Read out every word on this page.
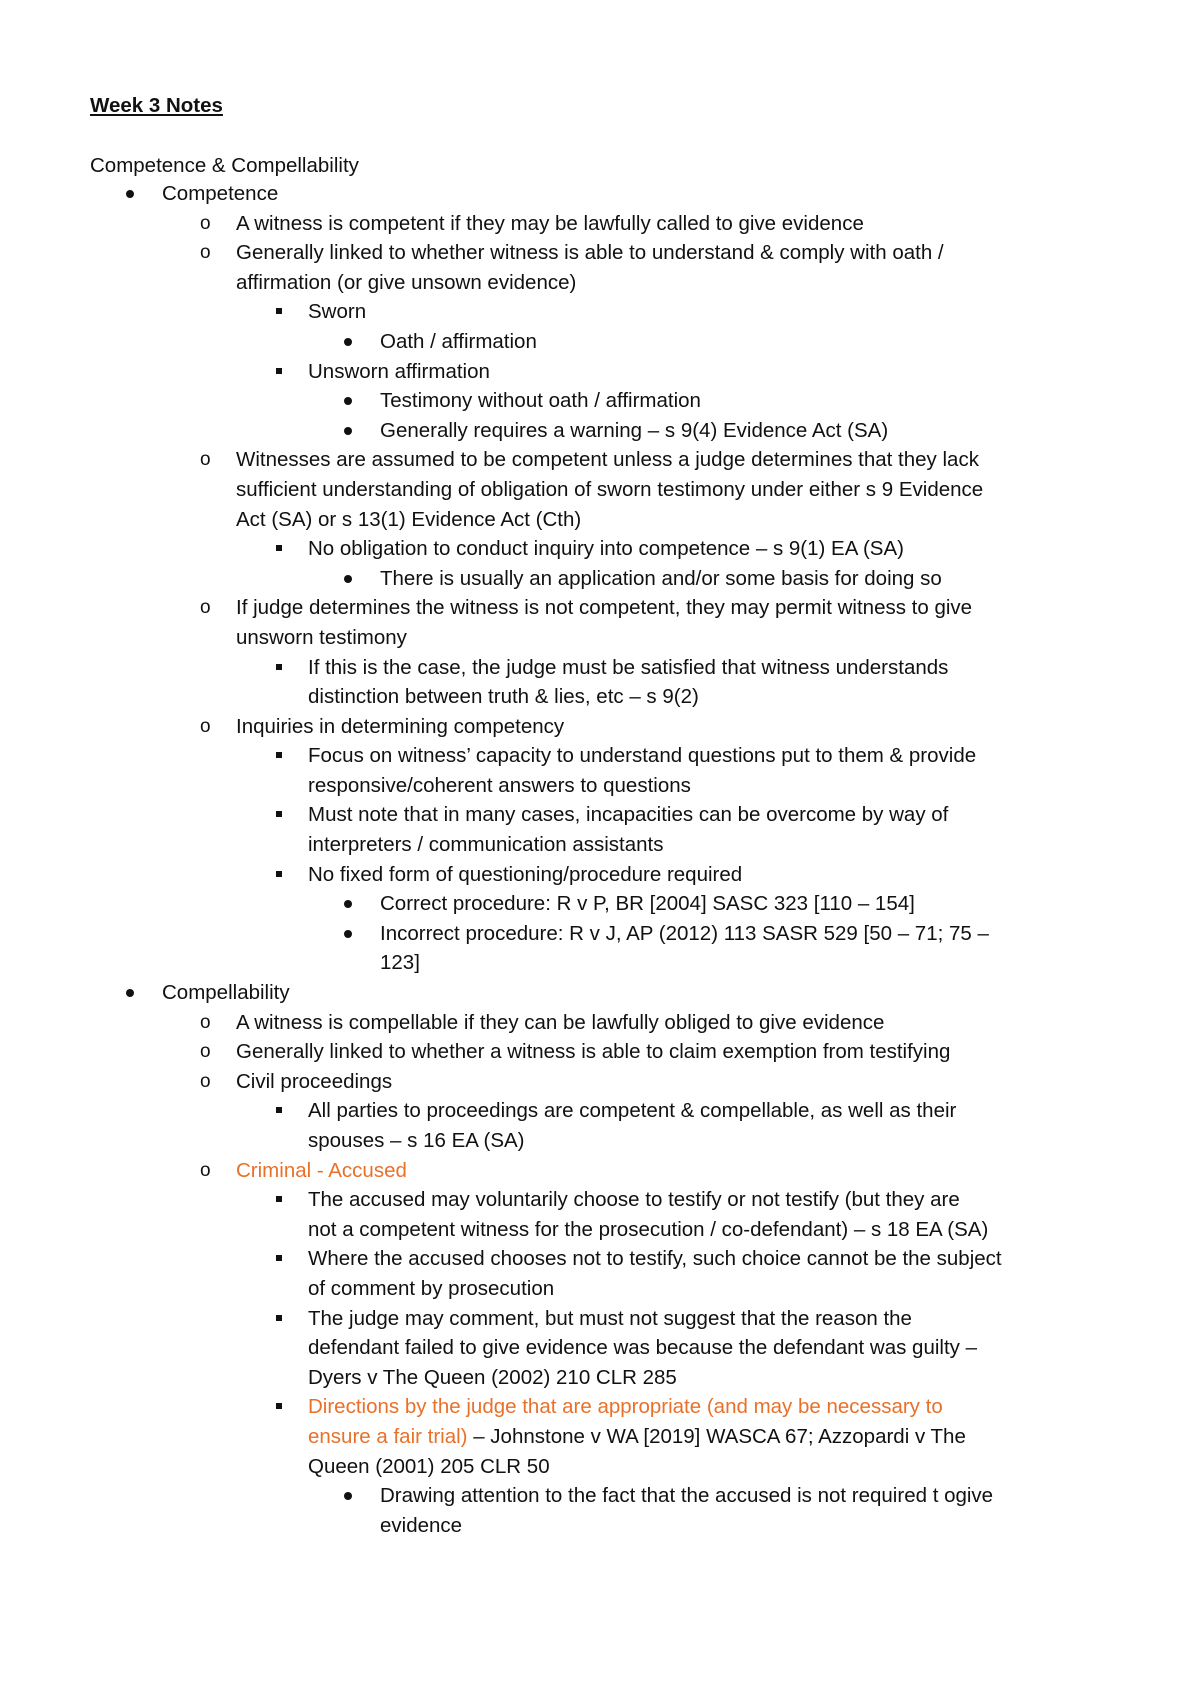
Week 3 Notes
Competence & Compellability
Competence
o A witness is competent if they may be lawfully called to give evidence
o Generally linked to whether witness is able to understand & comply with oath /
affirmation (or give unsown evidence)
Sworn
Oath / affirmation
Unsworn affirmation
Testimony without oath / affirmation
Generally requires a warning – s 9(4) Evidence Act (SA)
o Witnesses are assumed to be competent unless a judge determines that they lack
sufficient understanding of obligation of sworn testimony under either s 9 Evidence
Act (SA) or s 13(1) Evidence Act (Cth)
No obligation to conduct inquiry into competence – s 9(1) EA (SA)
There is usually an application and/or some basis for doing so
o If judge determines the witness is not competent, they may permit witness to give
unsworn testimony
If this is the case, the judge must be satisfied that witness understands
distinction between truth & lies, etc – s 9(2)
o Inquiries in determining competency
Focus on witness’ capacity to understand questions put to them & provide
responsive/coherent answers to questions
Must note that in many cases, incapacities can be overcome by way of
interpreters / communication assistants
No fixed form of questioning/procedure required
Correct procedure: R v P, BR [2004] SASC 323 [110 – 154]
Incorrect procedure: R v J, AP (2012) 113 SASR 529 [50 – 71; 75 –
123]
Compellability
o A witness is compellable if they can be lawfully obliged to give evidence
o Generally linked to whether a witness is able to claim exemption from testifying
o Civil proceedings
All parties to proceedings are competent & compellable, as well as their
spouses – s 16 EA (SA)
o Criminal - Accused
The accused may voluntarily choose to testify or not testify (but they are
not a competent witness for the prosecution / co-defendant) – s 18 EA (SA)
Where the accused chooses not to testify, such choice cannot be the subject
of comment by prosecution
The judge may comment, but must not suggest that the reason the
defendant failed to give evidence was because the defendant was guilty –
Dyers v The Queen (2002) 210 CLR 285
Directions by the judge that are appropriate (and may be necessary to
ensure a fair trial) – Johnstone v WA [2019] WASCA 67; Azzopardi v The
Queen (2001) 205 CLR 50
Drawing attention to the fact that the accused is not required t ogive
evidence
